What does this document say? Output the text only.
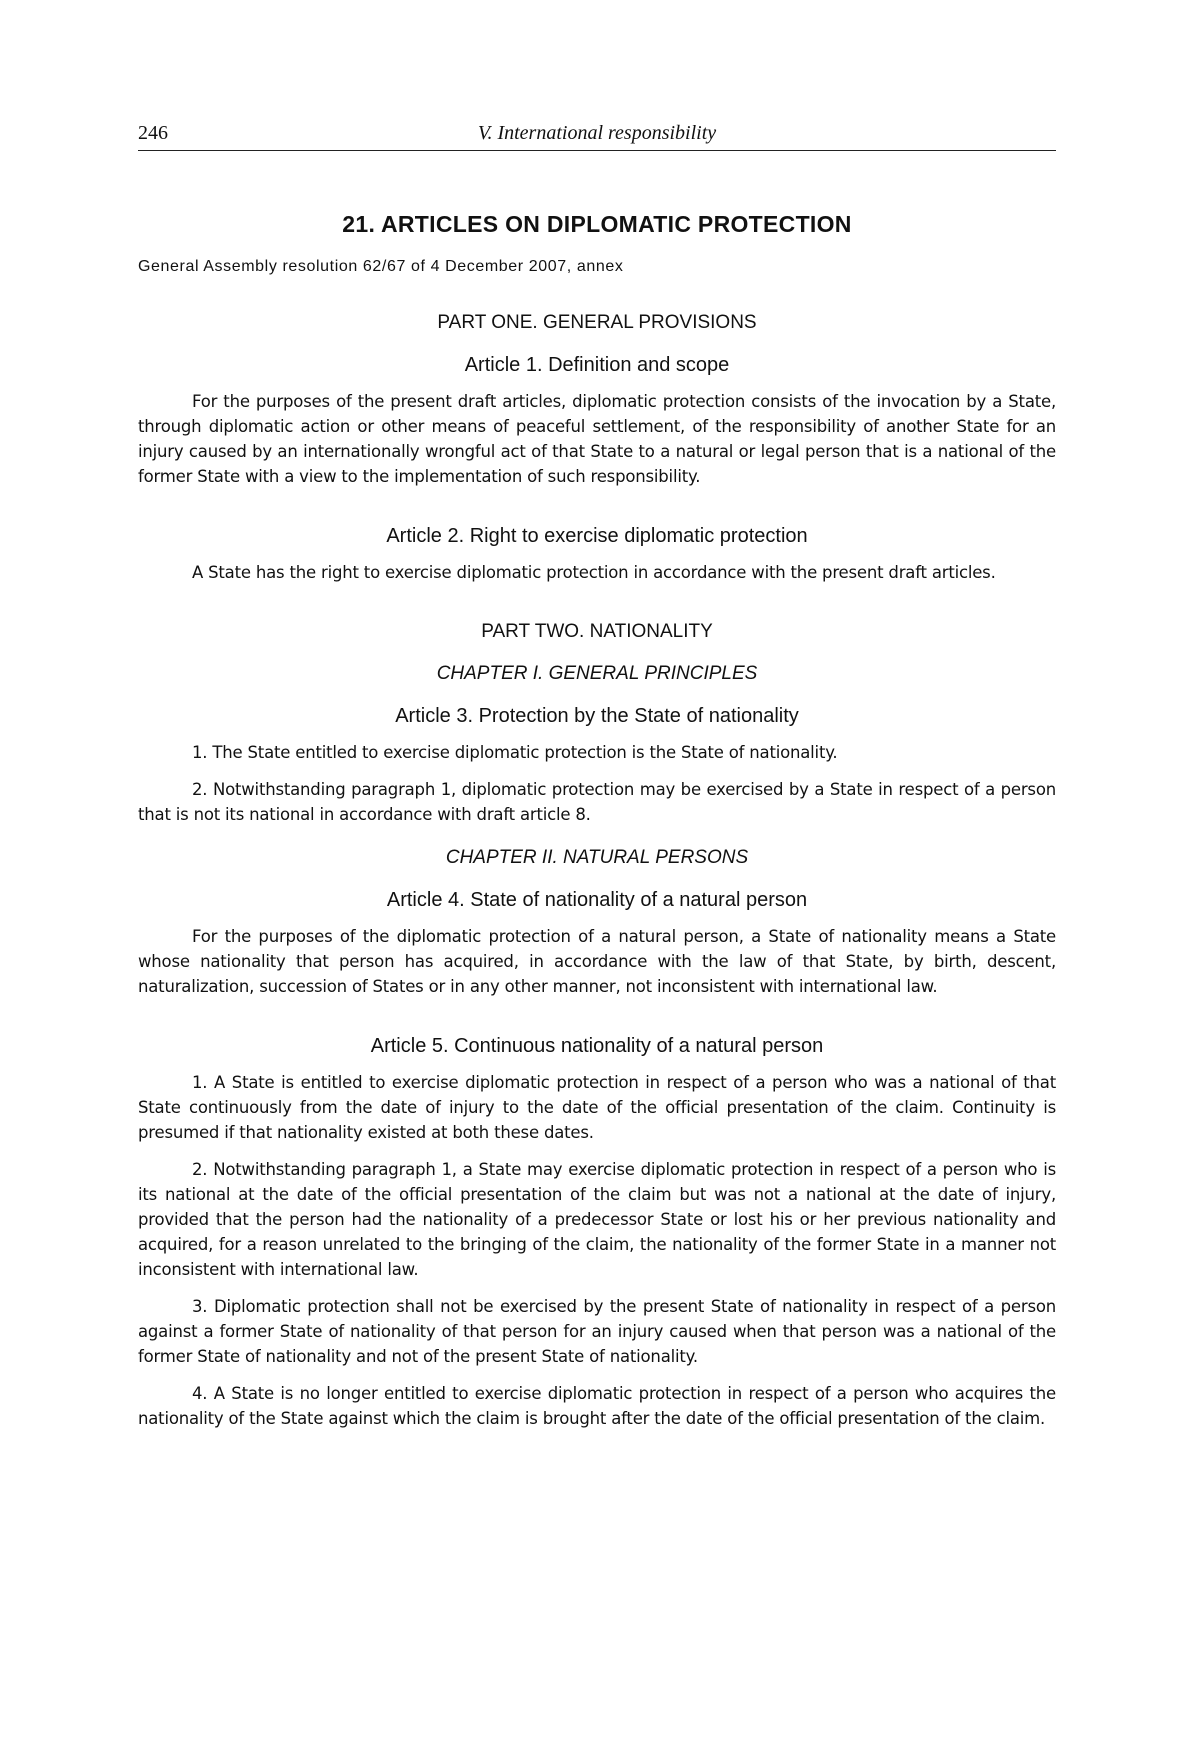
246	V. International responsibility
21. ARTICLES ON DIPLOMATIC PROTECTION

General Assembly resolution 62/67 of 4 December 2007, annex

PART ONE. GENERAL PROVISIONS
Article 1. Definition and scope

For the purposes of the present draft articles, diplomatic protection consists of the invocation by a State, through diplomatic action or other means of peaceful settlement, of the responsibility of another State for an injury caused by an internationally wrongful act of that State to a natural or legal person that is a national of the former State with a view to the implementation of such responsibility.

Article 2. Right to exercise diplomatic protection

A State has the right to exercise diplomatic protection in accordance with the present draft articles.

PART TWO. NATIONALITY
CHAPTER I. GENERAL PRINCIPLES
Article 3. Protection by the State of nationality

1. The State entitled to exercise diplomatic protection is the State of nationality.

2. Notwithstanding paragraph 1, diplomatic protection may be exercised by a State in respect of a person that is not its national in accordance with draft article 8.

CHAPTER II. NATURAL PERSONS
Article 4. State of nationality of a natural person

For the purposes of the diplomatic protection of a natural person, a State of nationality means a State whose nationality that person has acquired, in accordance with the law of that State, by birth, descent, naturalization, succession of States or in any other manner, not inconsistent with international law.

Article 5. Continuous nationality of a natural person

1. A State is entitled to exercise diplomatic protection in respect of a person who was a national of that State continuously from the date of injury to the date of the official presentation of the claim. Continuity is presumed if that nationality existed at both these dates.

2. Notwithstanding paragraph 1, a State may exercise diplomatic protection in respect of a person who is its national at the date of the official presentation of the claim but was not a national at the date of injury, provided that the person had the nationality of a predecessor State or lost his or her previous nationality and acquired, for a reason unrelated to the bringing of the claim, the nationality of the former State in a manner not inconsistent with international law.

3. Diplomatic protection shall not be exercised by the present State of nationality in respect of a person against a former State of nationality of that person for an injury caused when that person was a national of the former State of nationality and not of the present State of nationality.

4. A State is no longer entitled to exercise diplomatic protection in respect of a person who acquires the nationality of the State against which the claim is brought after the date of the official presentation of the claim.
